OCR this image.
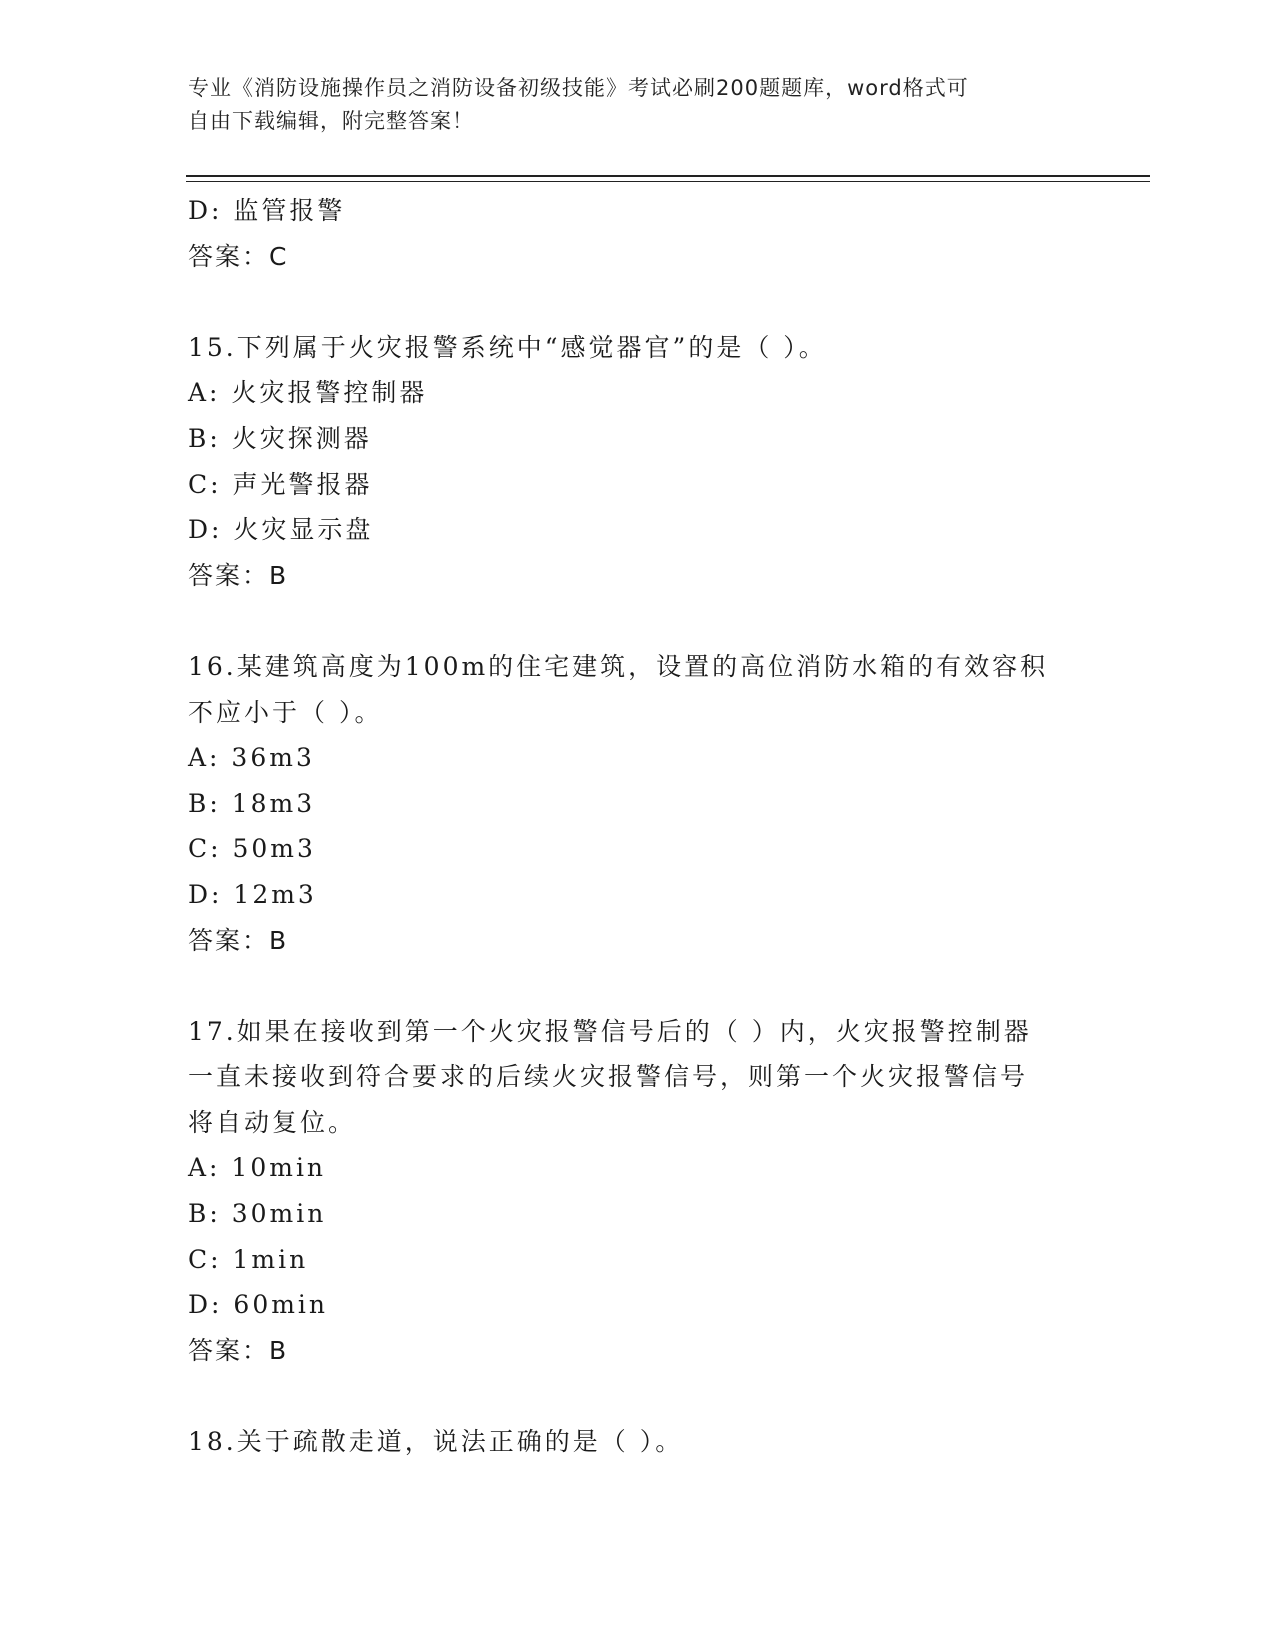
专业《消防设施操作员之消防设备初级技能》考试必刷200题题库，word格式可
自由下载编辑，附完整答案！
D: 监管报警
答案：C
15.下列属于火灾报警系统中“感觉器官”的是（ ）。
A: 火灾报警控制器
B: 火灾探测器
C: 声光警报器
D: 火灾显示盘
答案：B
16.某建筑高度为100m的住宅建筑，设置的高位消防水箱的有效容积
不应小于（ ）。
A: 36m3
B: 18m3
C: 50m3
D: 12m3
答案：B
17.如果在接收到第一个火灾报警信号后的（ ）内，火灾报警控制器
一直未接收到符合要求的后续火灾报警信号，则第一个火灾报警信号
将自动复位。
A: 10min
B: 30min
C: 1min
D: 60min
答案：B
18.关于疏散走道，说法正确的是（ ）。
